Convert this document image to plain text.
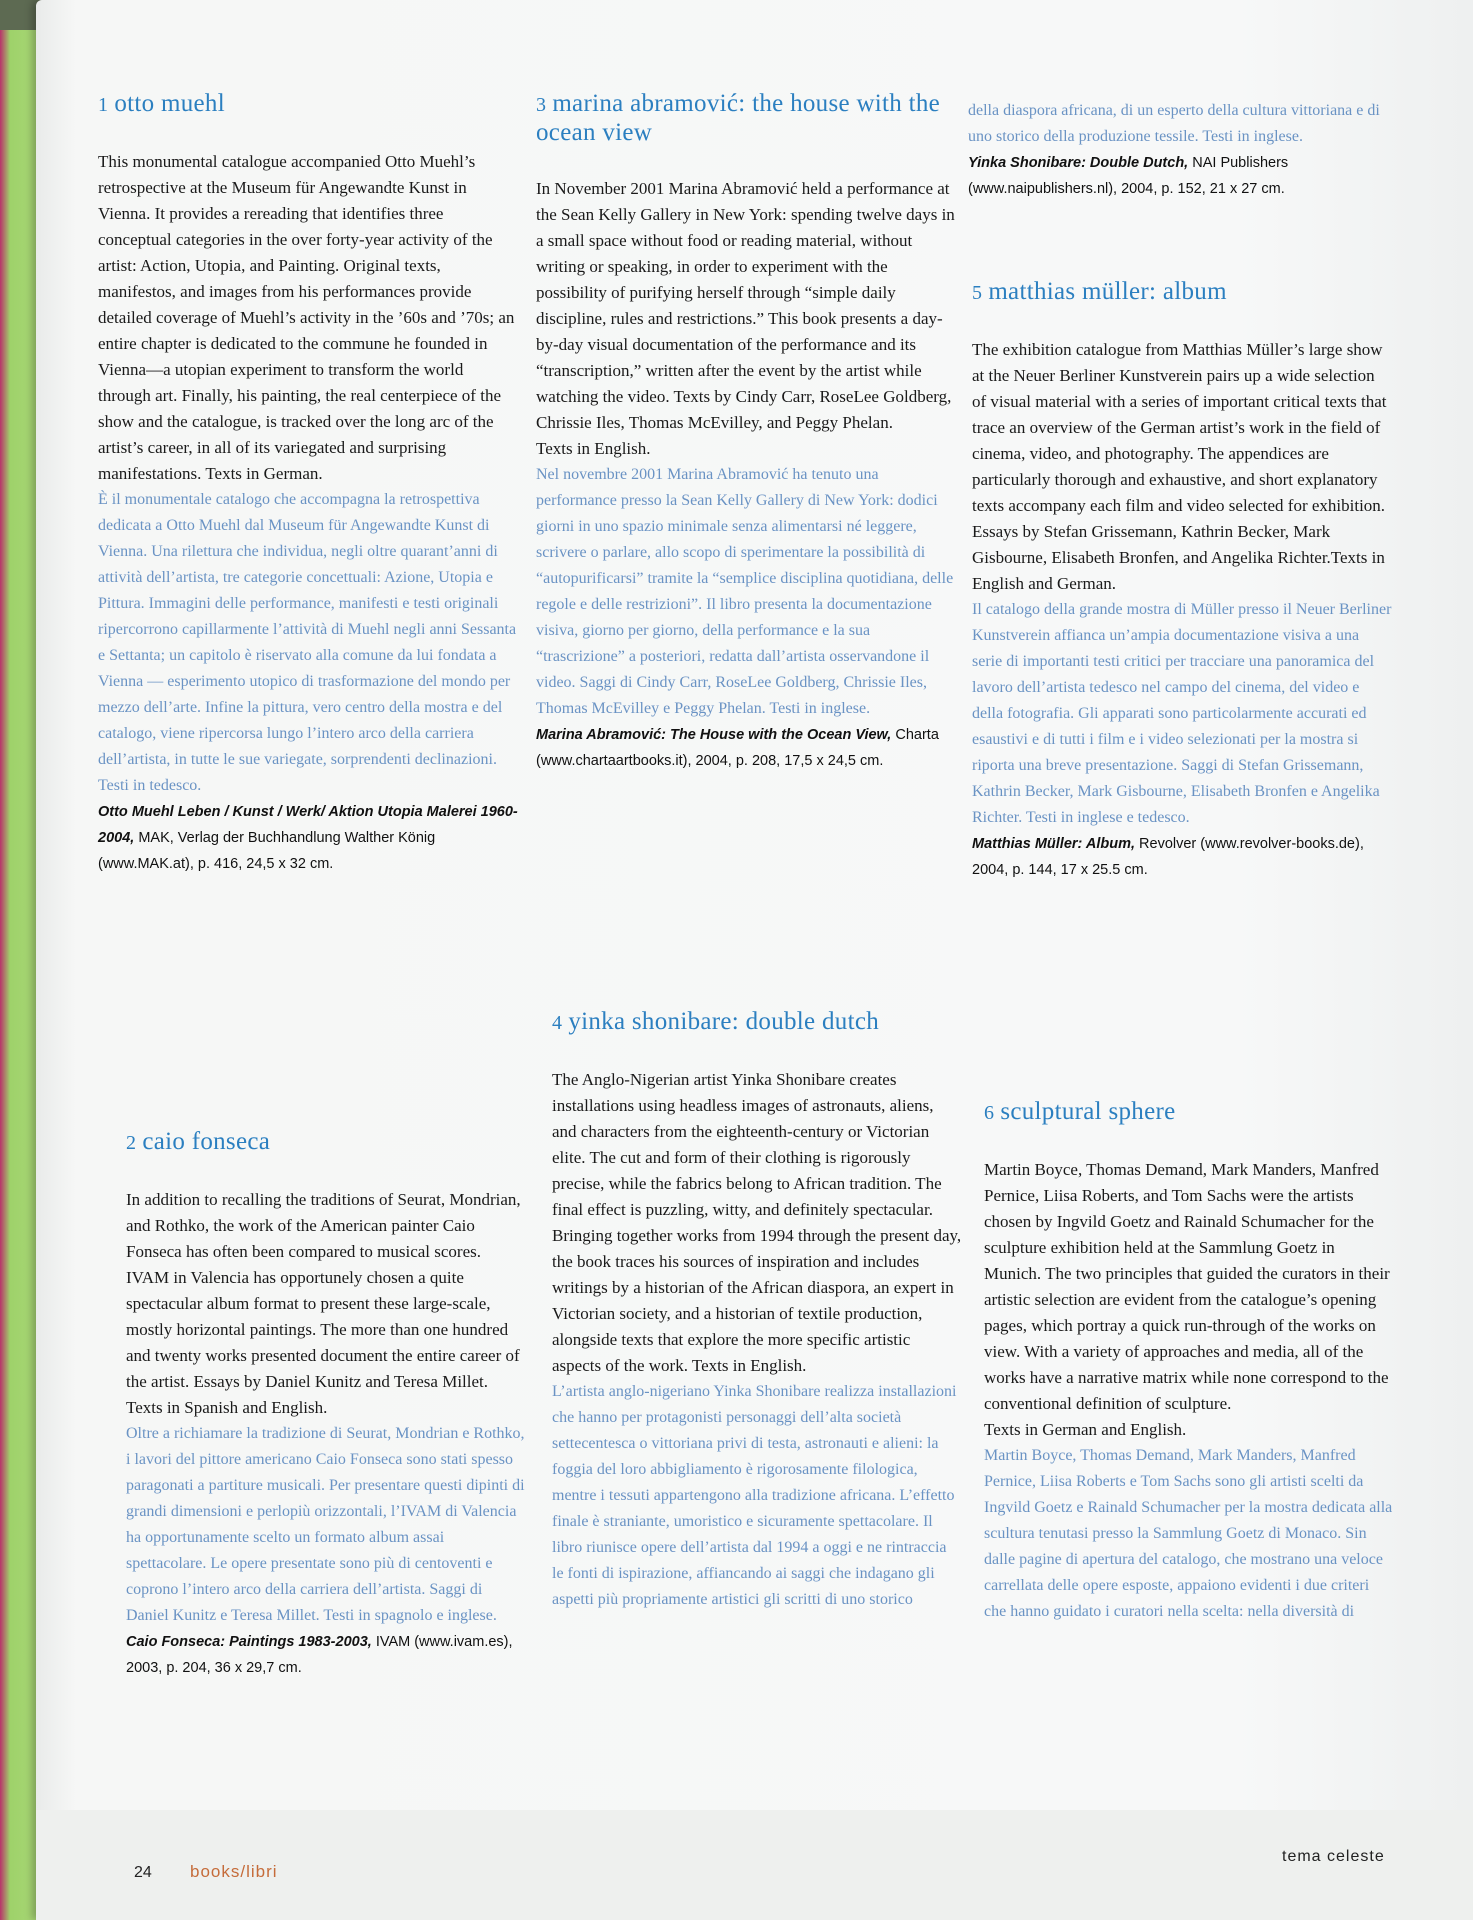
1 otto muehl

This monumental catalogue accompanied Otto Muehl’s retrospective at the Museum für Angewandte Kunst in Vienna. It provides a rereading that identifies three conceptual categories in the over forty-year activity of the artist: Action, Utopia, and Painting. Original texts, manifestos, and images from his performances provide detailed coverage of Muehl’s activity in the ’60s and ’70s; an entire chapter is dedicated to the commune he founded in Vienna—a utopian experiment to transform the world through art. Finally, his painting, the real centerpiece of the show and the catalogue, is tracked over the long arc of the artist’s career, in all of its variegated and surprising manifestations. Texts in German.

È il monumentale catalogo che accompagna la retrospettiva dedicata a Otto Muehl dal Museum für Angewandte Kunst di Vienna. Una rilettura che individua, negli oltre quarant’anni di attività dell’artista, tre categorie concettuali: Azione, Utopia e Pittura. Immagini delle performance, manifesti e testi originali ripercorrono capillarmente l’attività di Muehl negli anni Sessanta e Settanta; un capitolo è riservato alla comune da lui fondata a Vienna — esperimento utopico di trasformazione del mondo per mezzo dell’arte. Infine la pittura, vero centro della mostra e del catalogo, viene ripercorsa lungo l’intero arco della carriera dell’artista, in tutte le sue variegate, sorprendenti declinazioni.

Testi in tedesco.

Otto Muehl Leben / Kunst / Werk/ Aktion Utopia Malerei 1960-2004, MAK, Verlag der Buchhandlung Walther König (www.MAK.at), p. 416, 24,5 x 32 cm.

2 caio fonseca

In addition to recalling the traditions of Seurat, Mondrian, and Rothko, the work of the American painter Caio Fonseca has often been compared to musical scores. IVAM in Valencia has opportunely chosen a quite spectacular album format to present these large-scale, mostly horizontal paintings. The more than one hundred and twenty works presented document the entire career of the artist. Essays by Daniel Kunitz and Teresa Millet. Texts in Spanish and English.

Oltre a richiamare la tradizione di Seurat, Mondrian e Rothko, i lavori del pittore americano Caio Fonseca sono stati spesso paragonati a partiture musicali. Per presentare questi dipinti di grandi dimensioni e perlopiù orizzontali, l’IVAM di Valencia ha opportunamente scelto un formato album assai spettacolare. Le opere presentate sono più di centoventi e coprono l’intero arco della carriera dell’artista. Saggi di Daniel Kunitz e Teresa Millet. Testi in spagnolo e inglese.

Caio Fonseca: Paintings 1983-2003, IVAM (www.ivam.es), 2003, p. 204, 36 x 29,7 cm.

3 marina abramović: the house with the ocean view

In November 2001 Marina Abramović held a performance at the Sean Kelly Gallery in New York: spending twelve days in a small space without food or reading material, without writing or speaking, in order to experiment with the possibility of purifying herself through “simple daily discipline, rules and restrictions.” This book presents a day-by-day visual documentation of the performance and its “transcription,” written after the event by the artist while watching the video. Texts by Cindy Carr, RoseLee Goldberg, Chrissie Iles, Thomas McEvilley, and Peggy Phelan.

Texts in English.

Nel novembre 2001 Marina Abramović ha tenuto una performance presso la Sean Kelly Gallery di New York: dodici giorni in uno spazio minimale senza alimentarsi né leggere, scrivere o parlare, allo scopo di sperimentare la possibilità di “autopurificarsi” tramite la “semplice disciplina quotidiana, delle regole e delle restrizioni”. Il libro presenta la documentazione visiva, giorno per giorno, della performance e la sua “trascrizione” a posteriori, redatta dall’artista osservandone il video. Saggi di Cindy Carr, RoseLee Goldberg, Chrissie Iles, Thomas McEvilley e Peggy Phelan. Testi in inglese.

Marina Abramović: The House with the Ocean View, Charta (www.chartaartbooks.it), 2004, p. 208, 17,5 x 24,5 cm.

4 yinka shonibare: double dutch

The Anglo-Nigerian artist Yinka Shonibare creates installations using headless images of astronauts, aliens, and characters from the eighteenth-century or Victorian elite. The cut and form of their clothing is rigorously precise, while the fabrics belong to African tradition. The final effect is puzzling, witty, and definitely spectacular. Bringing together works from 1994 through the present day, the book traces his sources of inspiration and includes writings by a historian of the African diaspora, an expert in Victorian society, and a historian of textile production, alongside texts that explore the more specific artistic aspects of the work. Texts in English.

L’artista anglo-nigeriano Yinka Shonibare realizza installazioni che hanno per protagonisti personaggi dell’alta società settecentesca o vittoriana privi di testa, astronauti e alieni: la foggia del loro abbigliamento è rigorosamente filologica, mentre i tessuti appartengono alla tradizione africana. L’effetto finale è straniante, umoristico e sicuramente spettacolare. Il libro riunisce opere dell’artista dal 1994 a oggi e ne rintraccia le fonti di ispirazione, affiancando ai saggi che indagano gli aspetti più propriamente artistici gli scritti di uno storico

della diaspora africana, di un esperto della cultura vittoriana e di uno storico della produzione tessile. Testi in inglese.

Yinka Shonibare: Double Dutch, NAI Publishers (www.naipublishers.nl), 2004, p. 152, 21 x 27 cm.

5 matthias müller: album

The exhibition catalogue from Matthias Müller’s large show at the Neuer Berliner Kunstverein pairs up a wide selection of visual material with a series of important critical texts that trace an overview of the German artist’s work in the field of cinema, video, and photography. The appendices are particularly thorough and exhaustive, and short explanatory texts accompany each film and video selected for exhibition. Essays by Stefan Grissemann, Kathrin Becker, Mark Gisbourne, Elisabeth Bronfen, and Angelika Richter.Texts in English and German.

Il catalogo della grande mostra di Müller presso il Neuer Berliner Kunstverein affianca un’ampia documentazione visiva a una serie di importanti testi critici per tracciare una panoramica del lavoro dell’artista tedesco nel campo del cinema, del video e della fotografia. Gli apparati sono particolarmente accurati ed esaustivi e di tutti i film e i video selezionati per la mostra si riporta una breve presentazione. Saggi di Stefan Grissemann, Kathrin Becker, Mark Gisbourne, Elisabeth Bronfen e Angelika Richter. Testi in inglese e tedesco.

Matthias Müller: Album, Revolver (www.revolver-books.de), 2004, p. 144, 17 x 25.5 cm.

6 sculptural sphere

Martin Boyce, Thomas Demand, Mark Manders, Manfred Pernice, Liisa Roberts, and Tom Sachs were the artists chosen by Ingvild Goetz and Rainald Schumacher for the sculpture exhibition held at the Sammlung Goetz in Munich. The two principles that guided the curators in their artistic selection are evident from the catalogue’s opening pages, which portray a quick run-through of the works on view. With a variety of approaches and media, all of the works have a narrative matrix while none correspond to the conventional definition of sculpture.

Texts in German and English.

Martin Boyce, Thomas Demand, Mark Manders, Manfred Pernice, Liisa Roberts e Tom Sachs sono gli artisti scelti da Ingvild Goetz e Rainald Schumacher per la mostra dedicata alla scultura tenutasi presso la Sammlung Goetz di Monaco. Sin dalle pagine di apertura del catalogo, che mostrano una veloce carrellata delle opere esposte, appaiono evidenti i due criteri che hanno guidato i curatori nella scelta: nella diversità di

24 books/libri
tema celeste
